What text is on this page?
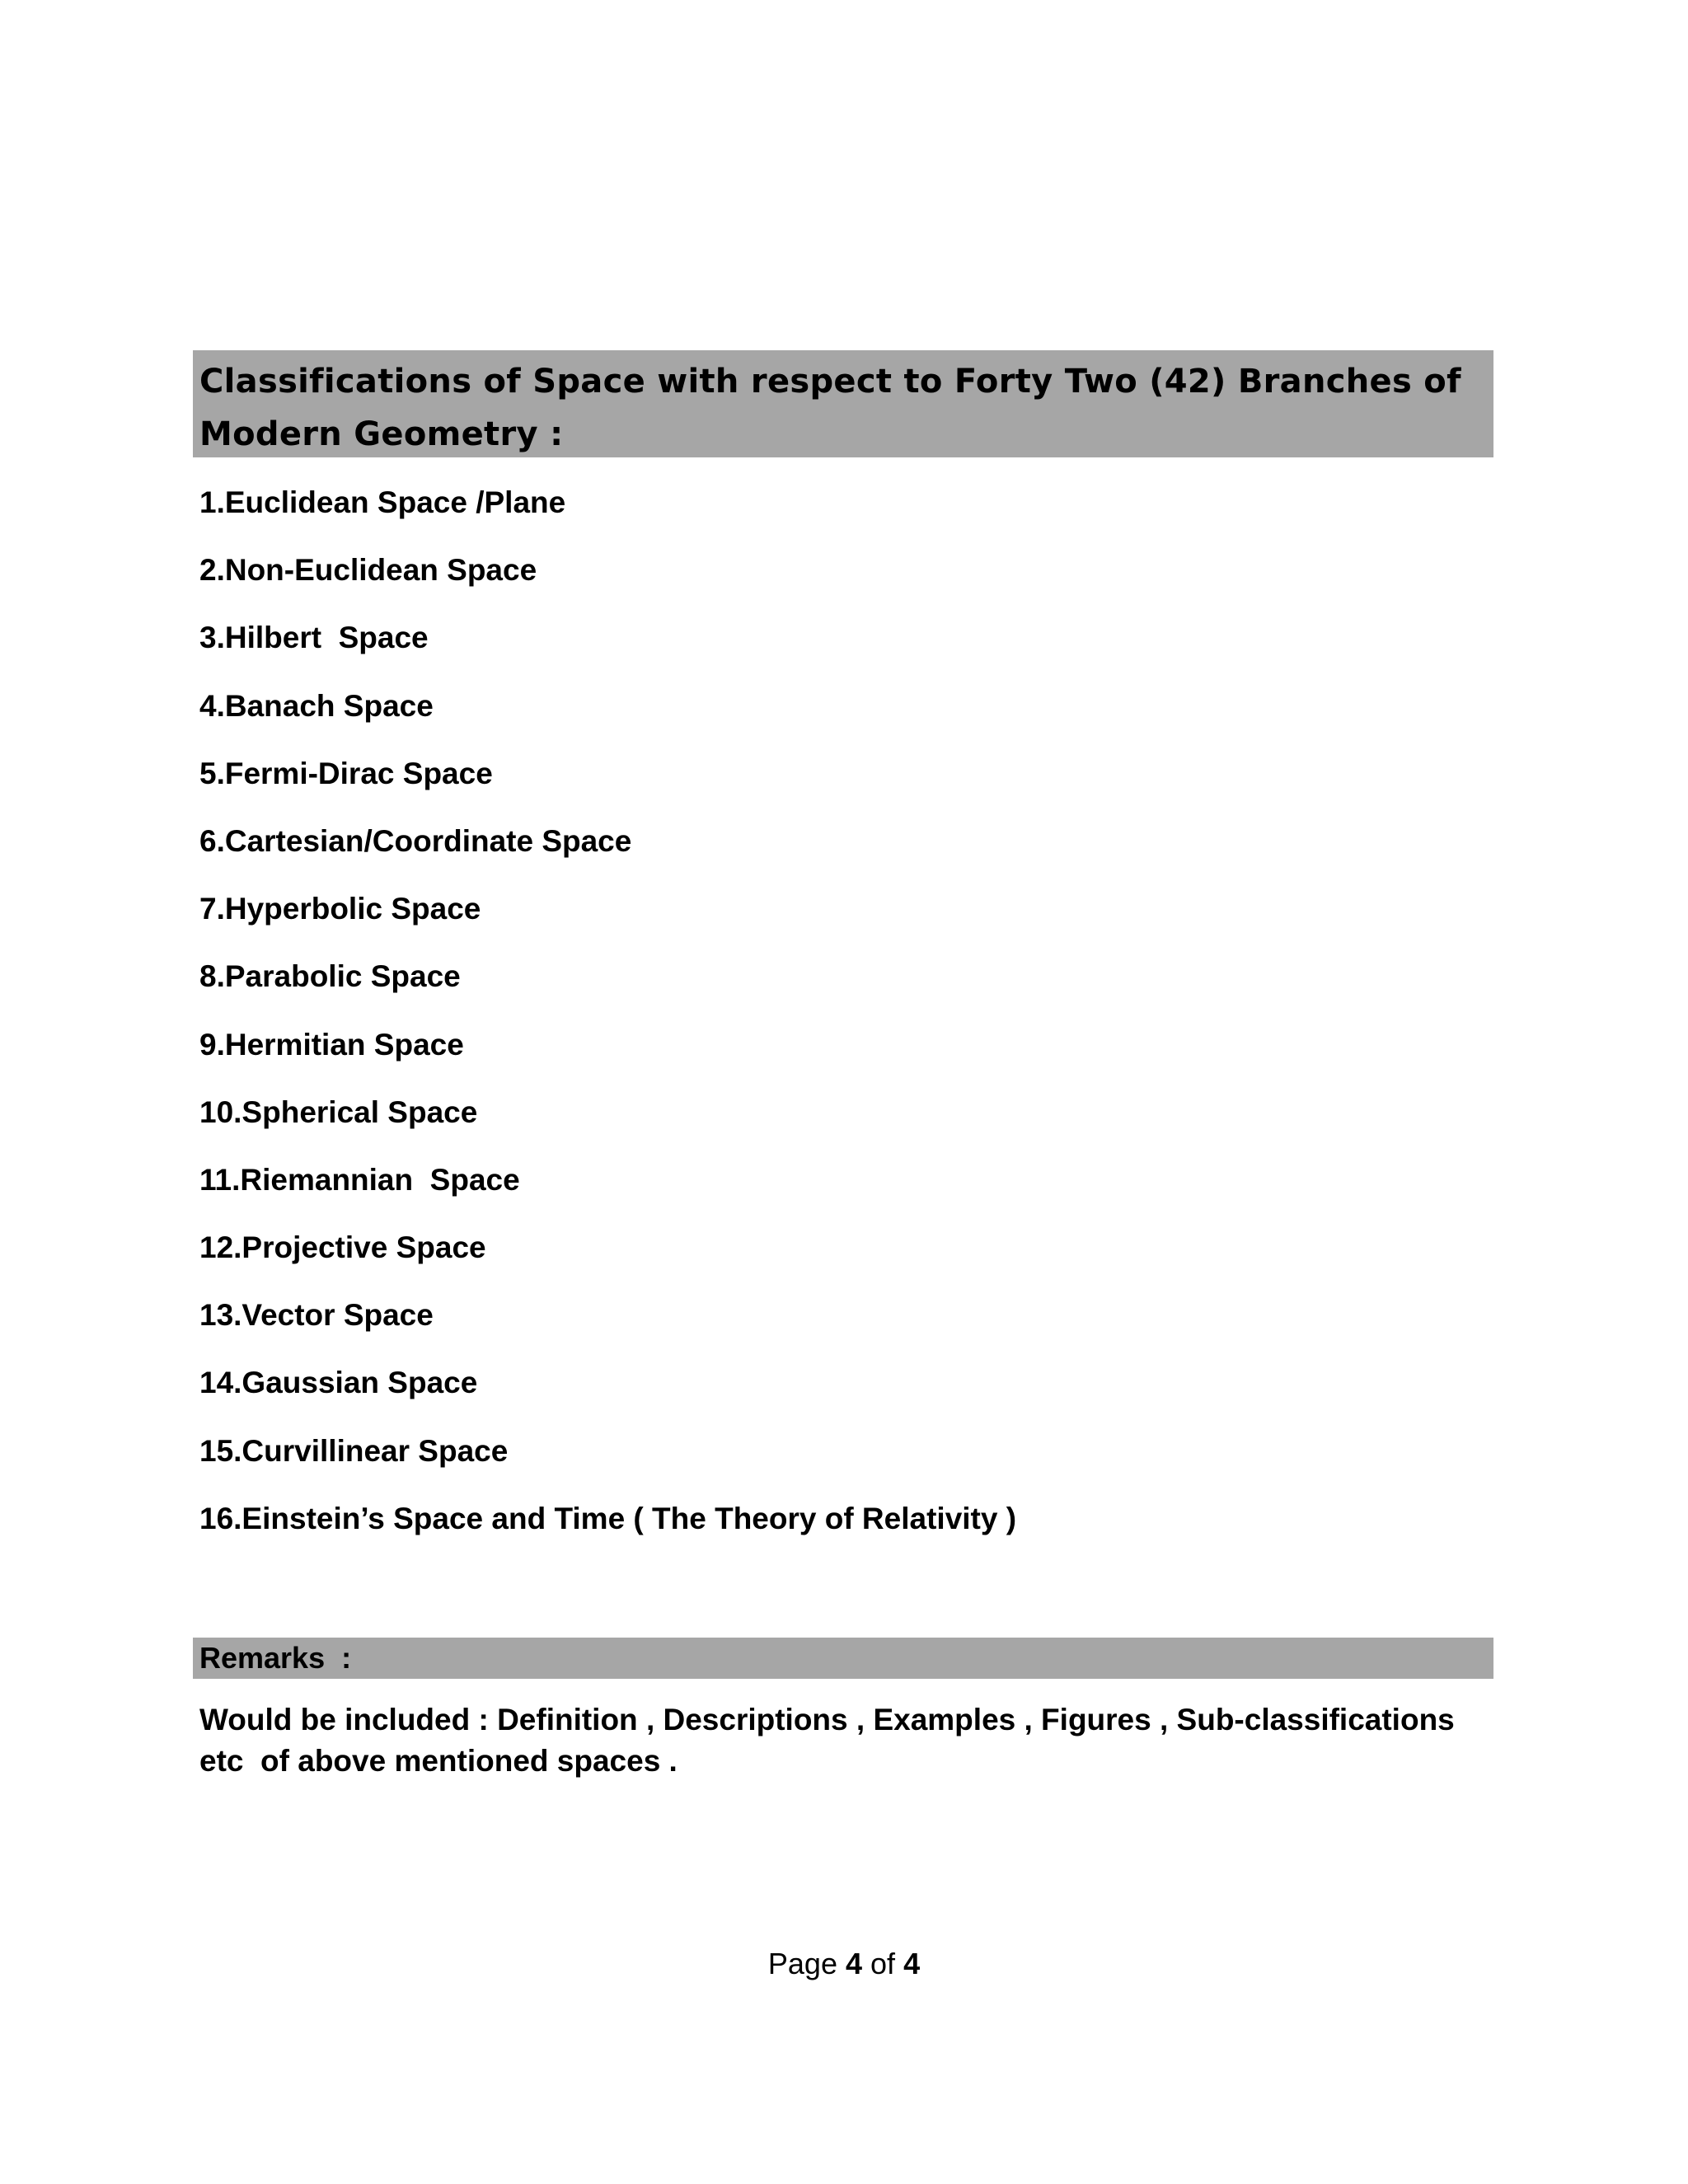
Classifications of Space with respect to Forty Two (42) Branches of
Modern Geometry :

1.Euclidean Space /Plane
2.Non-Euclidean Space
3.Hilbert  Space
4.Banach Space
5.Fermi-Dirac Space
6.Cartesian/Coordinate Space
7.Hyperbolic Space
8.Parabolic Space
9.Hermitian Space
10.Spherical Space
11.Riemannian  Space
12.Projective Space
13.Vector Space
14.Gaussian Space
15.Curvillinear Space
16.Einstein’s Space and Time ( The Theory of Relativity )
Remarks  :

Would be included : Definition , Descriptions , Examples , Figures , Sub-classifications
etc  of above mentioned spaces .

Page 4 of 4
